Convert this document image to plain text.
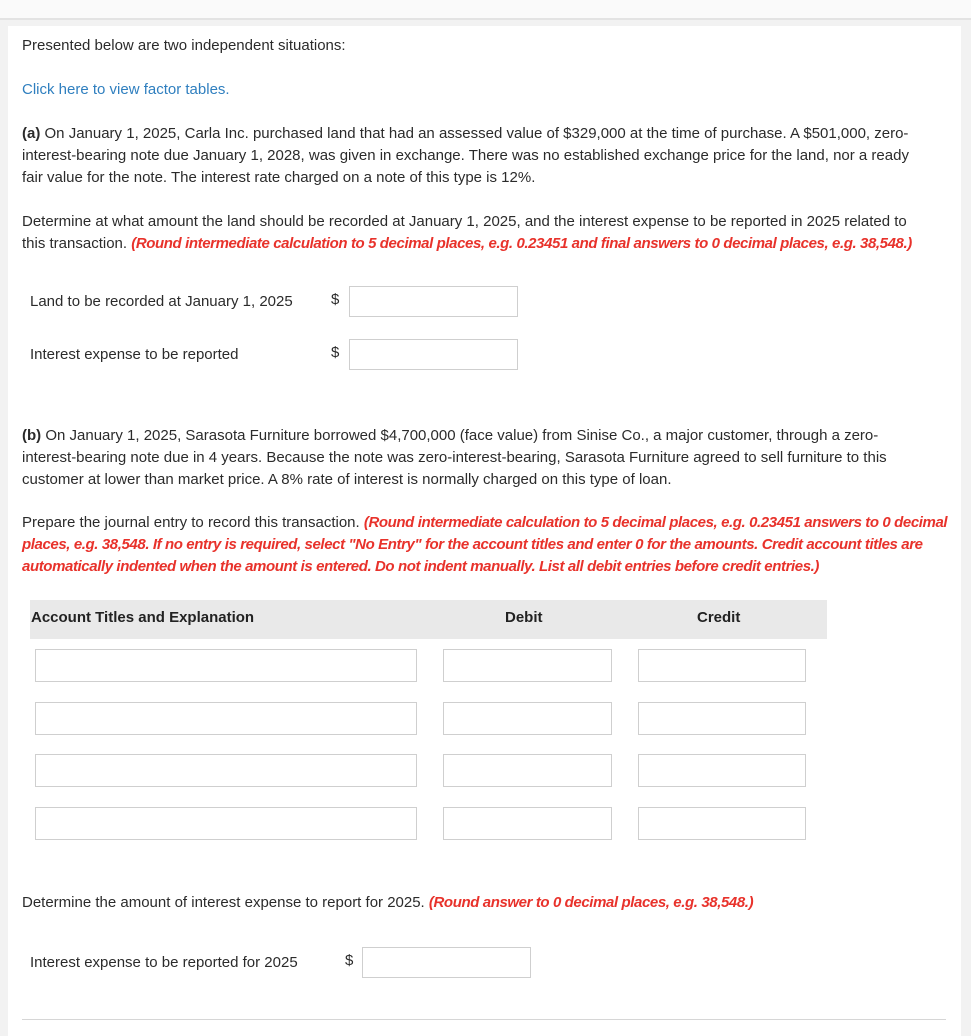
Presented below are two independent situations:
Click here to view factor tables.
(a) On January 1, 2025, Carla Inc. purchased land that had an assessed value of $329,000 at the time of purchase. A $501,000, zero-
interest-bearing note due January 1, 2028, was given in exchange. There was no established exchange price for the land, nor a ready
fair value for the note. The interest rate charged on a note of this type is 12%.
Determine at what amount the land should be recorded at January 1, 2025, and the interest expense to be reported in 2025 related to
this transaction. (Round intermediate calculation to 5 decimal places, e.g. 0.23451 and final answers to 0 decimal places, e.g. 38,548.)
Land to be recorded at January 1, 2025	$
Interest expense to be reported	$
(b) On January 1, 2025, Sarasota Furniture borrowed $4,700,000 (face value) from Sinise Co., a major customer, through a zero-
interest-bearing note due in 4 years. Because the note was zero-interest-bearing, Sarasota Furniture agreed to sell furniture to this
customer at lower than market price. A 8% rate of interest is normally charged on this type of loan.
Prepare the journal entry to record this transaction. (Round intermediate calculation to 5 decimal places, e.g. 0.23451 answers to 0 decimal
places, e.g. 38,548. If no entry is required, select "No Entry" for the account titles and enter 0 for the amounts. Credit account titles are
automatically indented when the amount is entered. Do not indent manually. List all debit entries before credit entries.)
Account Titles and Explanation	Debit	Credit
Determine the amount of interest expense to report for 2025. (Round answer to 0 decimal places, e.g. 38,548.)
Interest expense to be reported for 2025	$
